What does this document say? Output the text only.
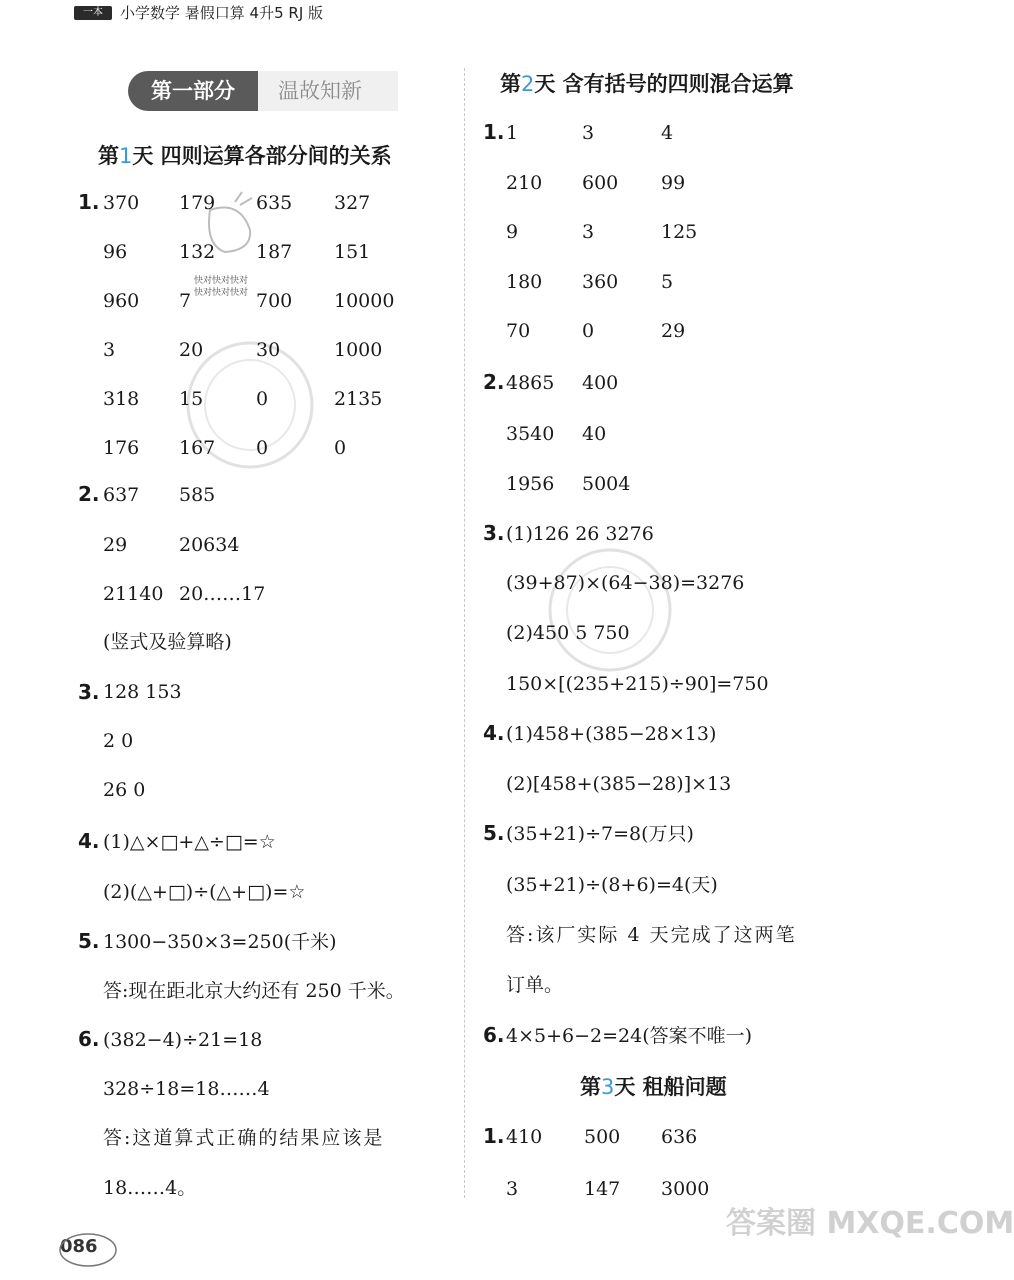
一本	小学数学 暑假口算 4升5 RJ 版
第一部分	温故知新
快对快对快对
快对快对快对
第1天 四则运算各部分间的关系
1. 370 179 635 327
96	132 187 151
960 7	700 10000
3	20	30	1000
318 15	0	2135
176 167 0	0
2. 637 585
29	20634
21140 20……17
(竖式及验算略)
3. 128 153
2 0
26 0
4. (1)△×□+△÷□=☆
(2)(△+□)÷(△+□)=☆
5. 1300−350×3=250(千米)
答:现在距北京大约还有 250 千米。
6. (382−4)÷21=18
328÷18=18……4
答:这道算式正确的结果应该是
18……4。
第2天 含有括号的四则混合运算
1. 1	3	4
210 600 99
9	3	125
180 360 5
70	0	29
2. 4865 400
3540 40
1956 5004
3. (1)126 26 3276
(39+87)×(64−38)=3276
(2)450 5 750
150×[(235+215)÷90]=750
4. (1)458+(385−28×13)
(2)[458+(385−28)]×13
5. (35+21)÷7=8(万只)
(35+21)÷(8+6)=4(天)
答:该厂实际 4 天完成了这两笔
订单。
6. 4×5+6−2=24(答案不唯一)
第3天 租船问题
1. 410 500 636
3	147 3000
086
答案圈 MXQE.COM
